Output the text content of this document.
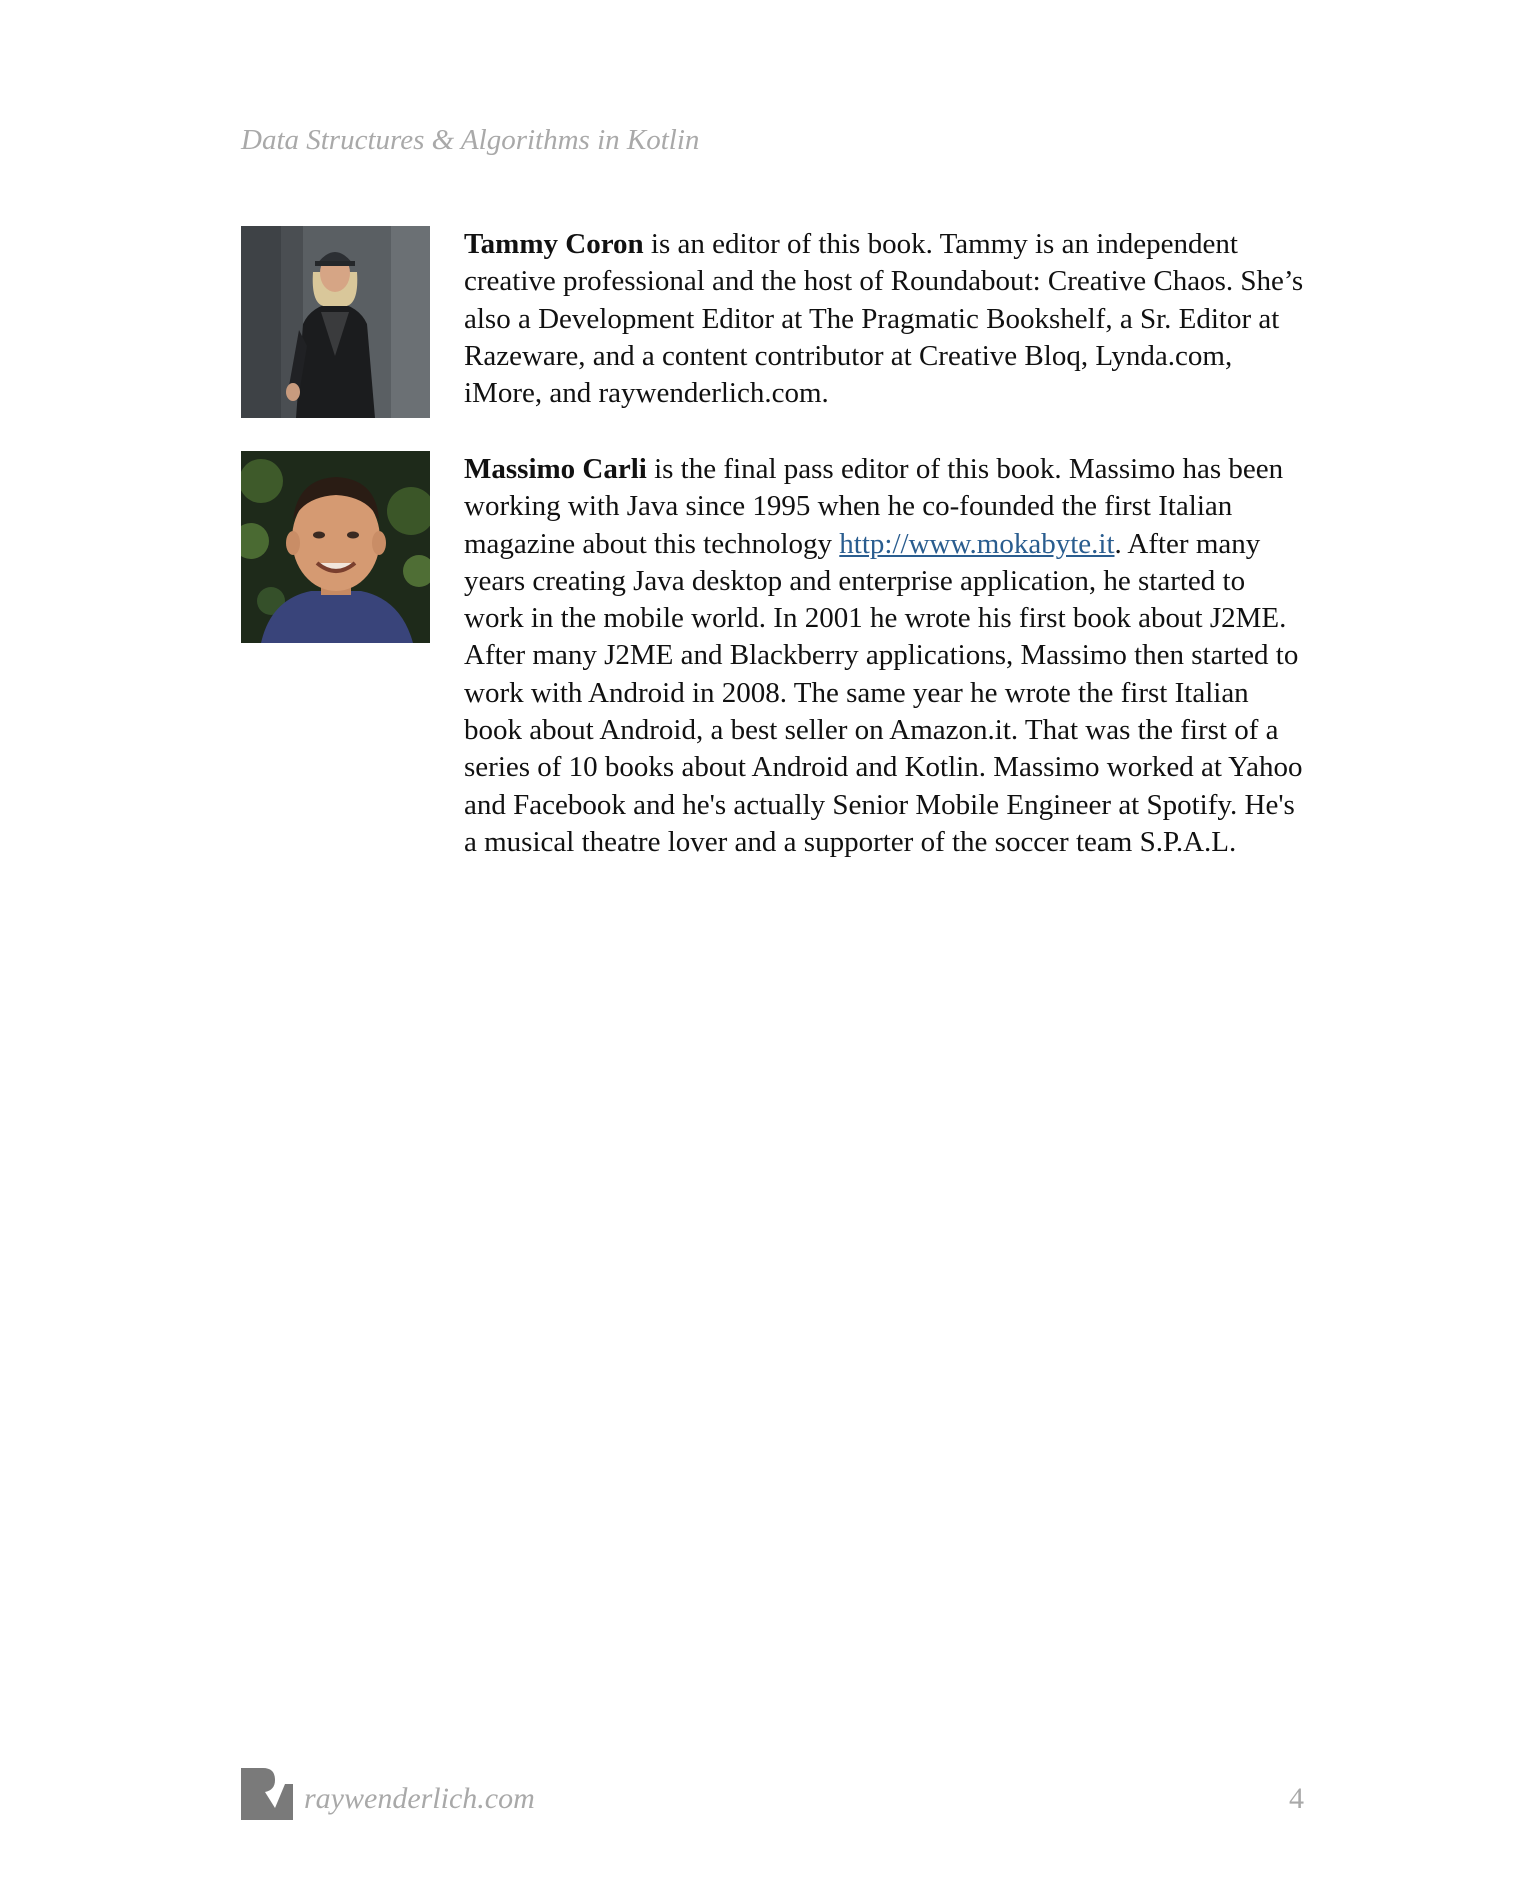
Data Structures & Algorithms in Kotlin

Tammy Coron is an editor of this book. Tammy is an independent creative professional and the host of Roundabout: Creative Chaos. She’s also a Development Editor at The Pragmatic Bookshelf, a Sr. Editor at Razeware, and a content contributor at Creative Bloq, Lynda.com, iMore, and raywenderlich.com.

Massimo Carli is the final pass editor of this book. Massimo has been working with Java since 1995 when he co-founded the first Italian magazine about this technology http://www.mokabyte.it. After many years creating Java desktop and enterprise application, he started to work in the mobile world. In 2001 he wrote his first book about J2ME. After many J2ME and Blackberry applications, Massimo then started to work with Android in 2008. The same year he wrote the first Italian book about Android, a best seller on Amazon.it. That was the first of a series of 10 books about Android and Kotlin. Massimo worked at Yahoo and Facebook and he's actually Senior Mobile Engineer at Spotify. He's a musical theatre lover and a supporter of the soccer team S.P.A.L.

raywenderlich.com	4
